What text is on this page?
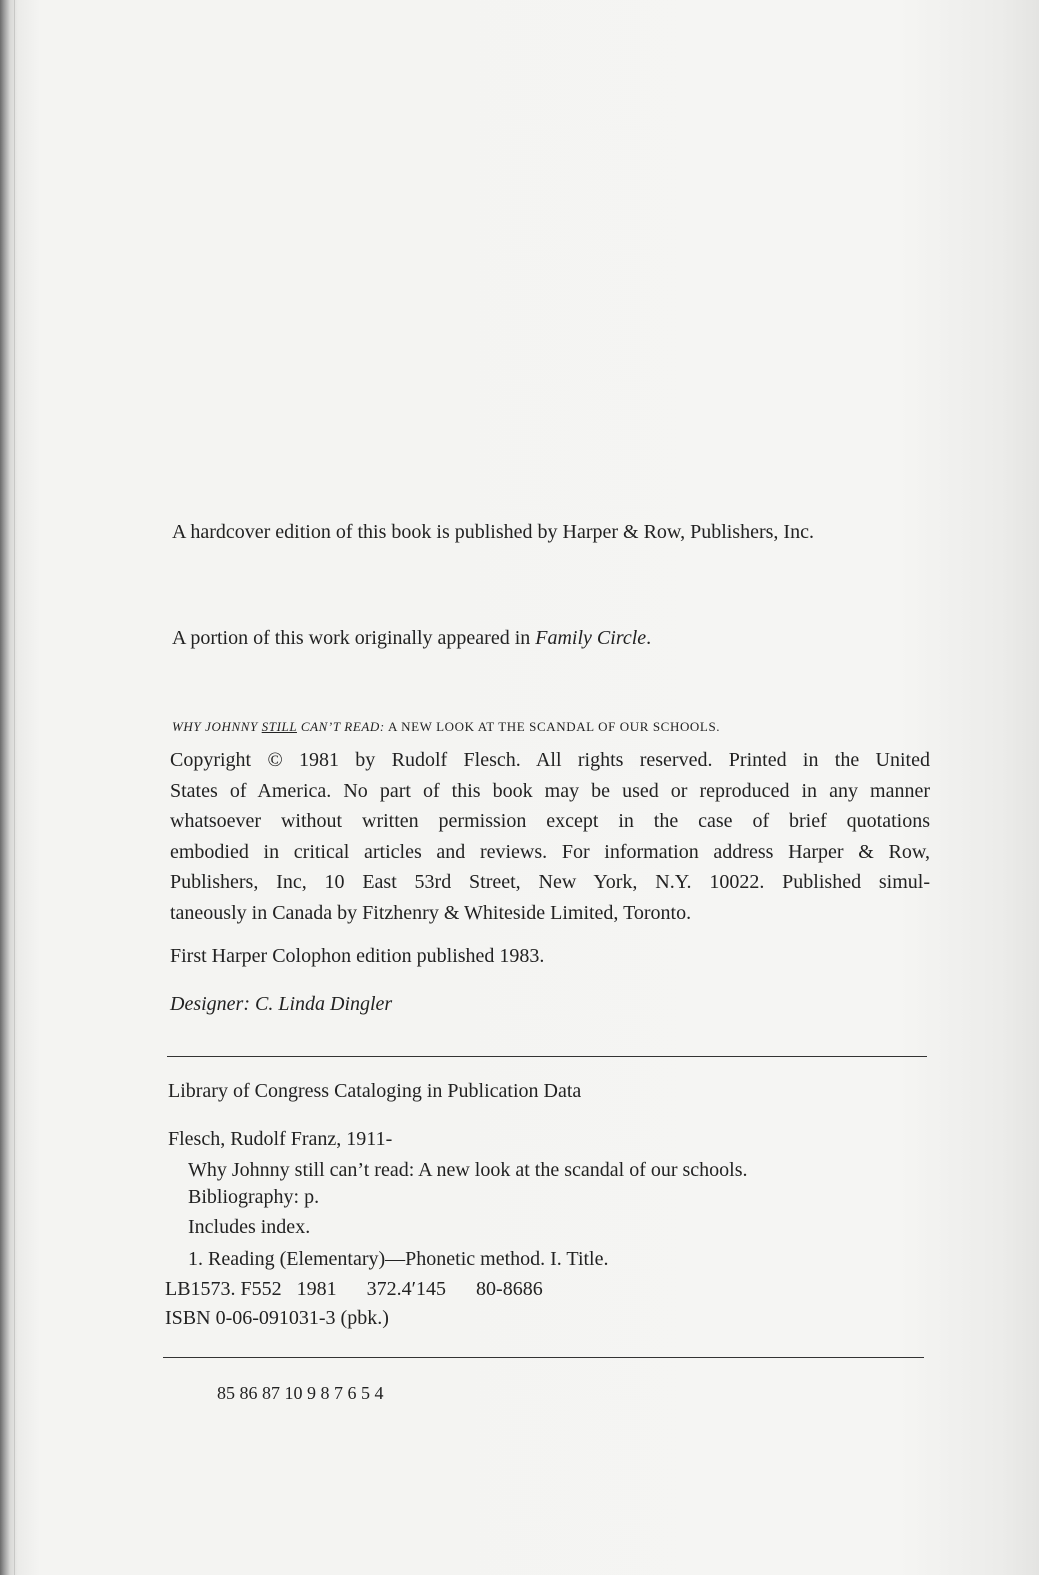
A hardcover edition of this book is published by Harper & Row, Publishers, Inc.
A portion of this work originally appeared in Family Circle.
WHY JOHNNY STILL CAN’T READ: A NEW LOOK AT THE SCANDAL OF OUR SCHOOLS.
Copyright © 1981 by Rudolf Flesch. All rights reserved. Printed in the United
States of America. No part of this book may be used or reproduced in any manner
whatsoever without written permission except in the case of brief quotations
embodied in critical articles and reviews. For information address Harper & Row,
Publishers, Inc, 10 East 53rd Street, New York, N.Y. 10022. Published simul-
taneously in Canada by Fitzhenry & Whiteside Limited, Toronto.
First Harper Colophon edition published 1983.
Designer: C. Linda Dingler
Library of Congress Cataloging in Publication Data
Flesch, Rudolf Franz, 1911-
Why Johnny still can’t read: A new look at the scandal of our schools.
Bibliography: p.
Includes index.
1. Reading (Elementary)—Phonetic method. I. Title.
LB1573. F552   1981      372.4′145      80-8686
ISBN 0-06-091031-3 (pbk.)
85 86 87 10 9 8 7 6 5 4
